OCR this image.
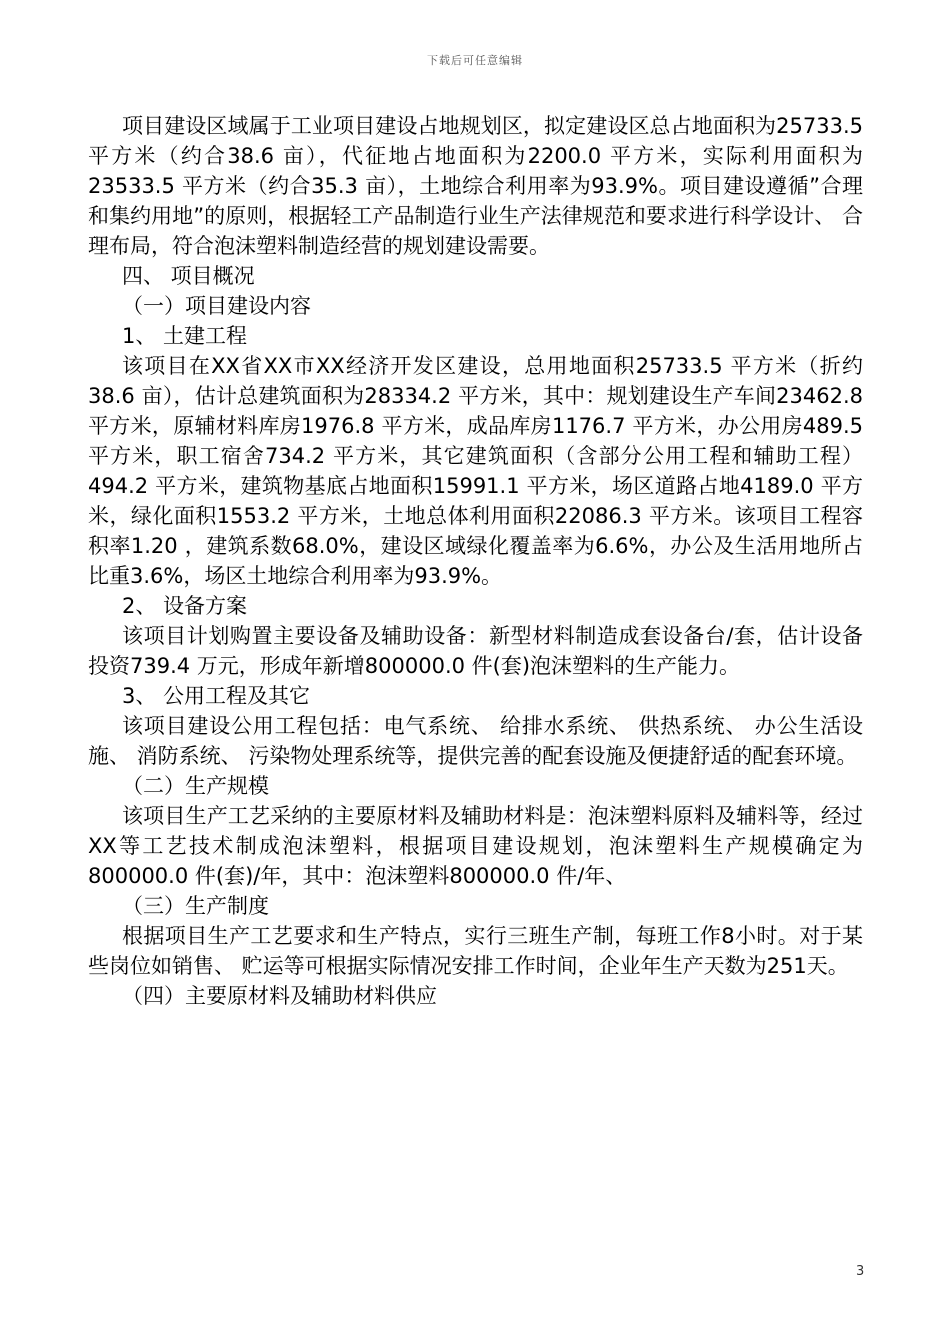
下载后可任意编辑

项目建设区域属于工业项目建设占地规划区，拟定建设区总占地面积为25733.5 平方米（约合38.6 亩），代征地占地面积为2200.0 平方米，实际利用面积为23533.5 平方米（约合35.3 亩），土地综合利用率为93.9%。项目建设遵循”合理和集约用地”的原则，根据轻工产品制造行业生产法律规范和要求进行科学设计、 合理布局，符合泡沫塑料制造经营的规划建设需要。

四、 项目概况

（一）项目建设内容

1、 土建工程

该项目在XX省XX市XX经济开发区建设，总用地面积25733.5 平方米（折约38.6 亩），估计总建筑面积为28334.2 平方米，其中：规划建设生产车间23462.8 平方米，原辅材料库房1976.8 平方米，成品库房1176.7 平方米，办公用房489.5 平方米，职工宿舍734.2 平方米，其它建筑面积（含部分公用工程和辅助工程）494.2 平方米，建筑物基底占地面积15991.1 平方米，场区道路占地4189.0 平方米，绿化面积1553.2 平方米，土地总体利用面积22086.3 平方米。该项目工程容积率1.20 ，建筑系数68.0%，建设区域绿化覆盖率为6.6%，办公及生活用地所占比重3.6%，场区土地综合利用率为93.9%。

2、 设备方案

该项目计划购置主要设备及辅助设备：新型材料制造成套设备台/套，估计设备投资739.4 万元，形成年新增800000.0 件(套)泡沫塑料的生产能力。

3、 公用工程及其它

该项目建设公用工程包括：电气系统、 给排水系统、 供热系统、 办公生活设施、 消防系统、 污染物处理系统等，提供完善的配套设施及便捷舒适的配套环境。

（二）生产规模

该项目生产工艺采纳的主要原材料及辅助材料是：泡沫塑料原料及辅料等，经过XX等工艺技术制成泡沫塑料，根据项目建设规划，泡沫塑料生产规模确定为800000.0 件(套)/年，其中：泡沫塑料800000.0 件/年、

（三）生产制度

根据项目生产工艺要求和生产特点，实行三班生产制，每班工作8小时。对于某些岗位如销售、 贮运等可根据实际情况安排工作时间，企业年生产天数为251天。

（四）主要原材料及辅助材料供应

3
